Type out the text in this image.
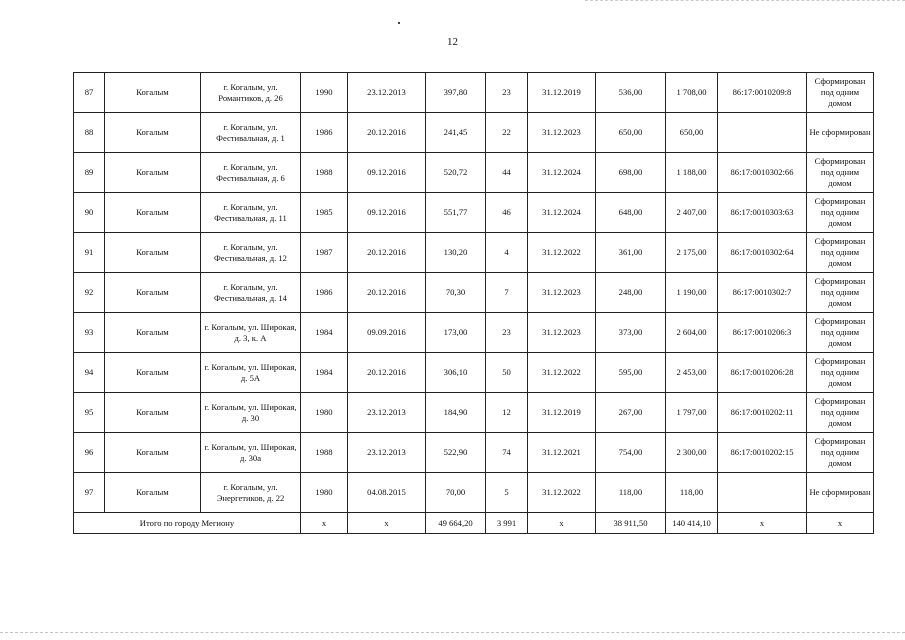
12
87	Когалым	г. Когалым, ул. Романтиков, д. 26	1990	23.12.2013	397,80	23	31.12.2019	536,00	1 708,00	86:17:0010209:8	Сформирован под одним домом
88	Когалым	г. Когалым, ул. Фестивальная, д. 1	1986	20.12.2016	241,45	22	31.12.2023	650,00	650,00		Не сформирован
89	Когалым	г. Когалым, ул. Фестивальная, д. 6	1988	09.12.2016	520,72	44	31.12.2024	698,00	1 188,00	86:17:0010302:66	Сформирован под одним домом
90	Когалым	г. Когалым, ул. Фестивальная, д. 11	1985	09.12.2016	551,77	46	31.12.2024	648,00	2 407,00	86:17:0010303:63	Сформирован под одним домом
91	Когалым	г. Когалым, ул. Фестивальная, д. 12	1987	20.12.2016	130,20	4	31.12.2022	361,00	2 175,00	86:17:0010302:64	Сформирован под одним домом
92	Когалым	г. Когалым, ул. Фестивальная, д. 14	1986	20.12.2016	70,30	7	31.12.2023	248,00	1 190,00	86:17:0010302:7	Сформирован под одним домом
93	Когалым	г. Когалым, ул. Широкая, д. 3, к. А	1984	09.09.2016	173,00	23	31.12.2023	373,00	2 604,00	86:17:0010206:3	Сформирован под одним домом
94	Когалым	г. Когалым, ул. Широкая, д. 5А	1984	20.12.2016	306,10	50	31.12.2022	595,00	2 453,00	86:17:0010206:28	Сформирован под одним домом
95	Когалым	г. Когалым, ул. Широкая, д. 30	1980	23.12.2013	184,90	12	31.12.2019	267,00	1 797,00	86:17:0010202:11	Сформирован под одним домом
96	Когалым	г. Когалым, ул. Широкая, д. 30а	1988	23.12.2013	522,90	74	31.12.2021	754,00	2 300,00	86:17:0010202:15	Сформирован под одним домом
97	Когалым	г. Когалым, ул. Энергетиков, д. 22	1980	04.08.2015	70,00	5	31.12.2022	118,00	118,00		Не сформирован
Итого по городу Мегиону			x	x	49 664,20	3 991	x	38 911,50	140 414,10	x	x
